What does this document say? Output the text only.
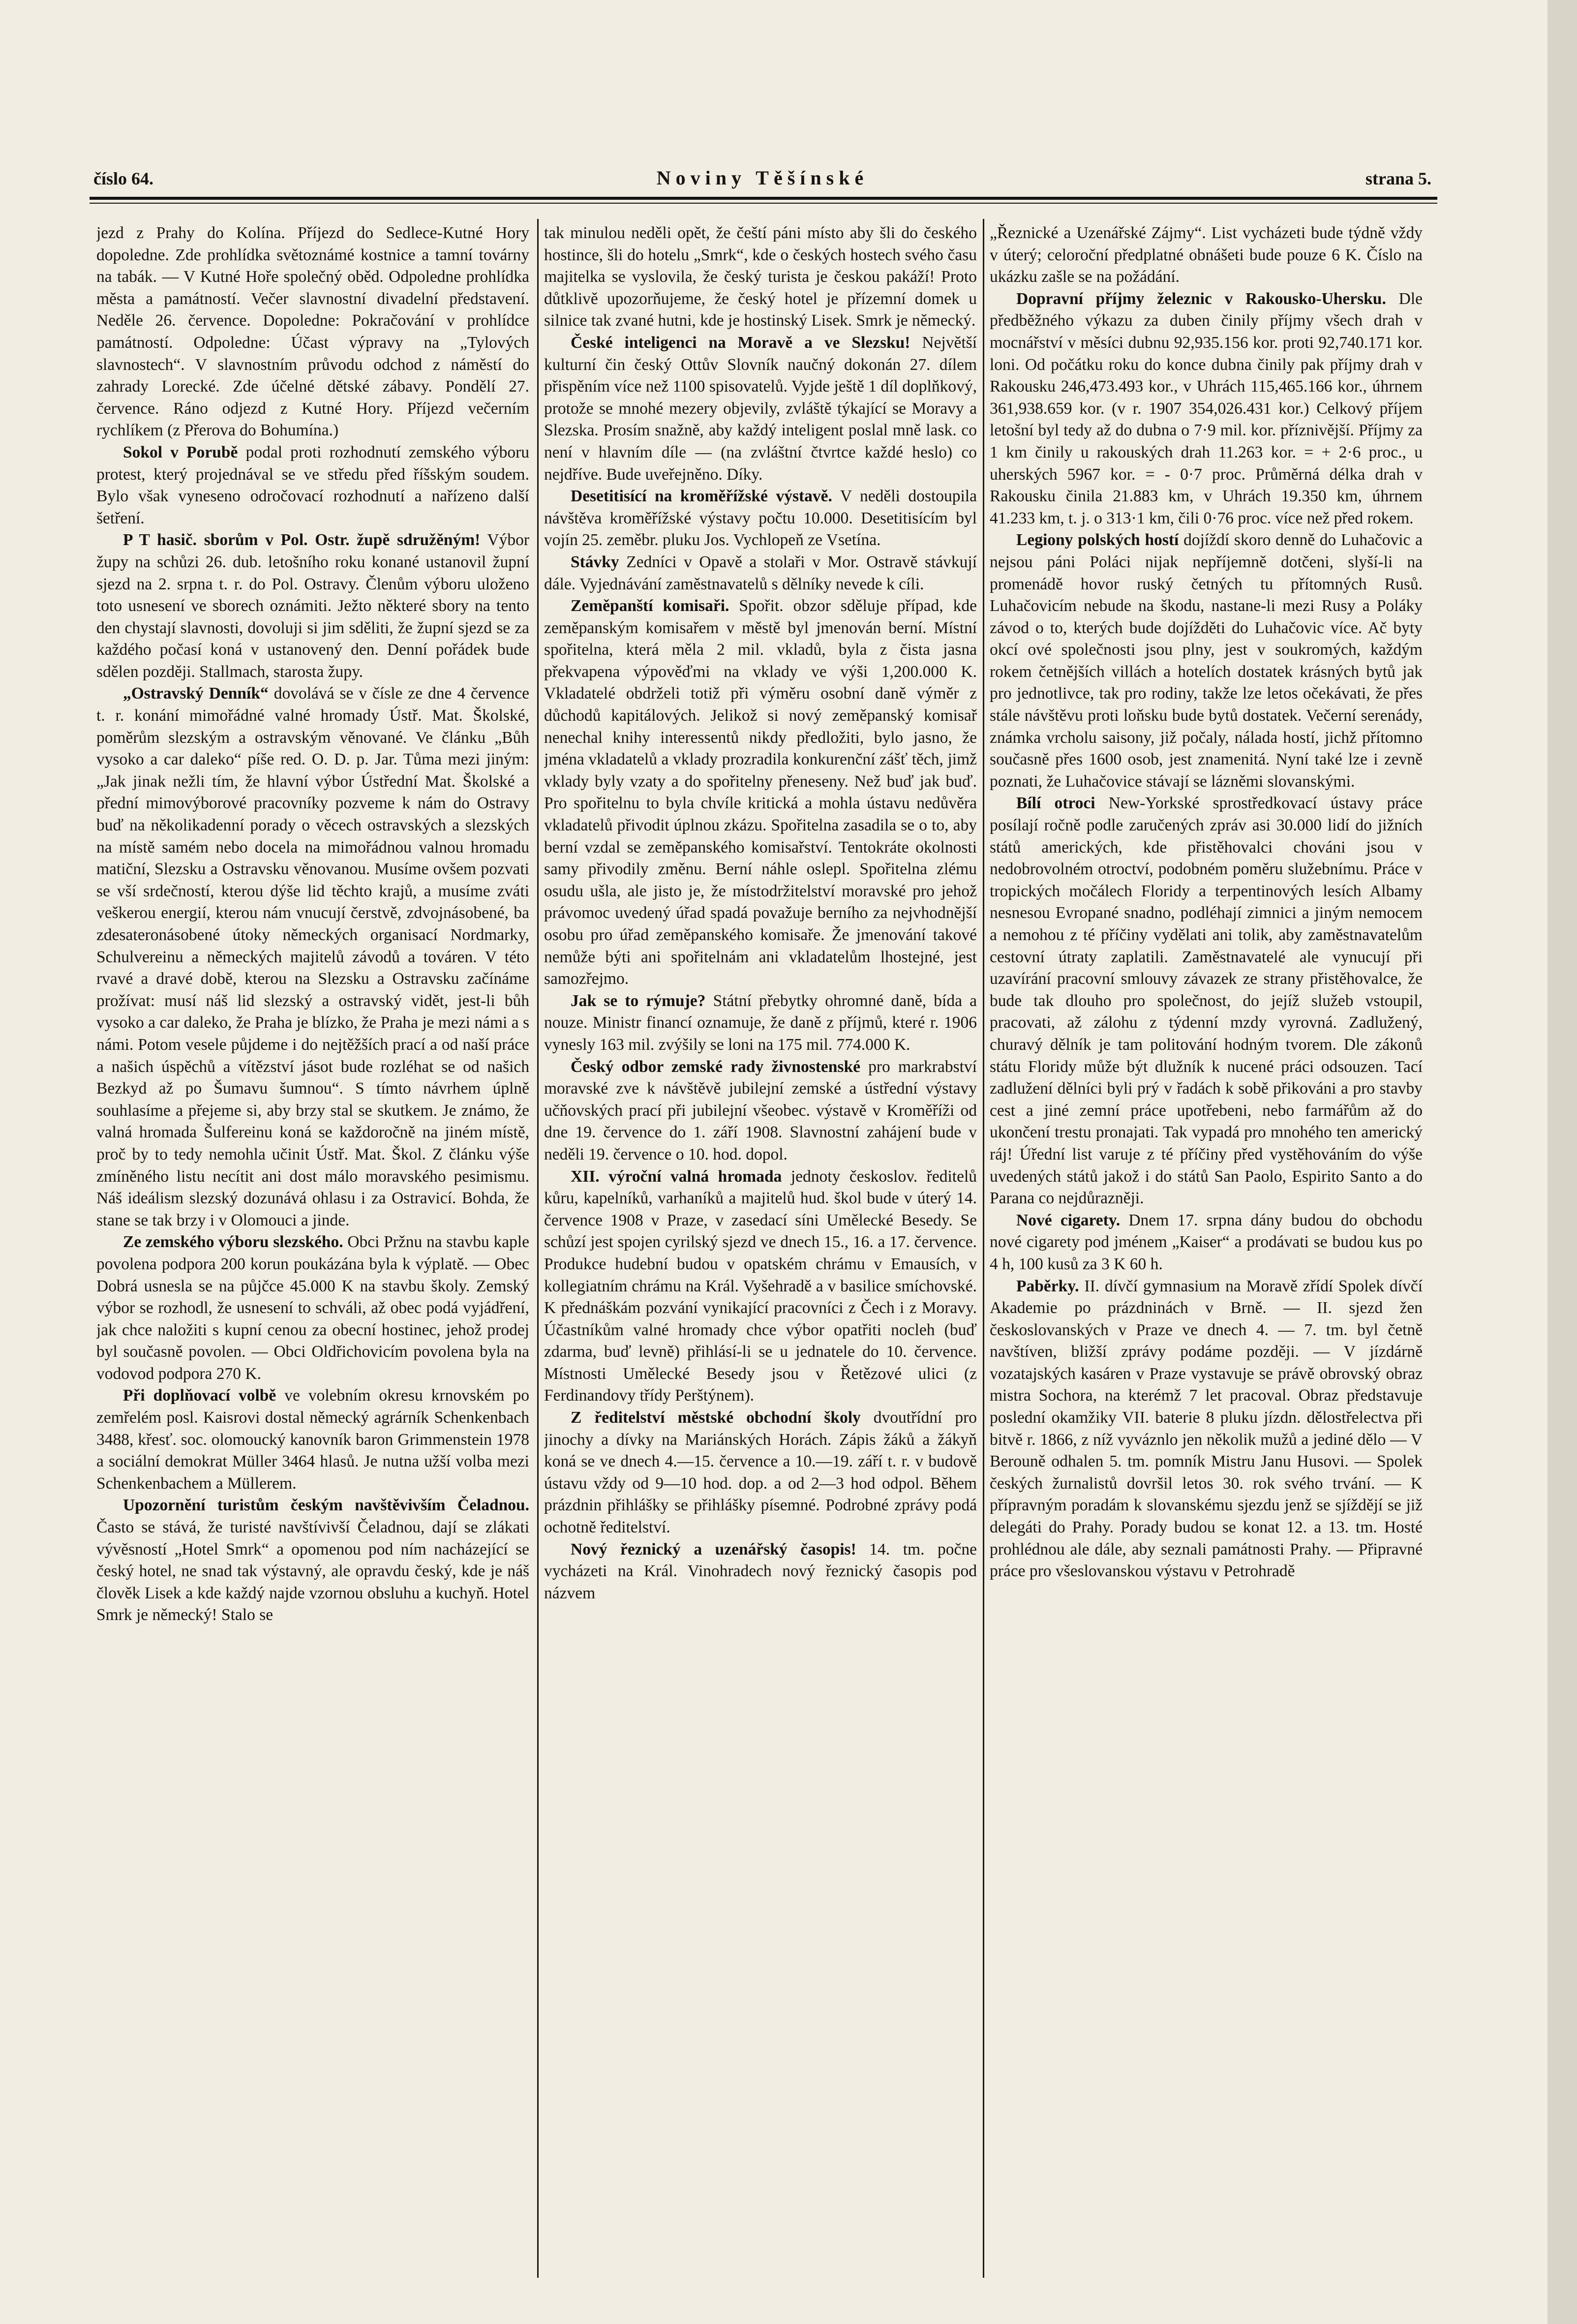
číslo 64.	Noviny Těšínské	strana 5.

jezd z Prahy do Kolína. Příjezd do Sedlece-Kutné Hory dopoledne. Zde prohlídka světoznámé kostnice a tamní továrny na tabák. — V Kutné Hoře společný oběd. Odpoledne prohlídka města a památností. Večer slavnostní divadelní představení. Neděle 26. července. Dopoledne: Pokračování v prohlídce památností. Odpoledne: Účast výpravy na „Tylových slavnostech“. V slavnostním průvodu odchod z náměstí do zahrady Lorecké. Zde účelné dětské zábavy. Pondělí 27. července. Ráno odjezd z Kutné Hory. Příjezd večerním rychlíkem (z Přerova do Bohumína.)

Sokol v Porubě podal proti rozhodnutí zemského výboru protest, který projednával se ve středu před říšským soudem. Bylo však vyneseno odročovací rozhodnutí a nařízeno další šetření.

P T hasič. sborům v Pol. Ostr. župě sdružěným! Výbor župy na schůzi 26. dub. letošního roku konané ustanovil župní sjezd na 2. srpna t. r. do Pol. Ostravy. Členům výboru uloženo toto usnesení ve sborech oznámiti. Ježto některé sbory na tento den chystají slavnosti, dovoluji si jim sděliti, že župní sjezd se za každého počasí koná v ustanovený den. Denní pořádek bude sdělen později. Stallmach, starosta župy.

„Ostravský Denník“ dovolává se v čísle ze dne 4 července t. r. konání mimořádné valné hromady Ústř. Mat. Školské, poměrům slezským a ostravským věnované. Ve článku „Bůh vysoko a car daleko“ píše red. O. D. p. Jar. Tůma mezi jiným: „Jak jinak nežli tím, že hlavní výbor Ústřední Mat. Školské a přední mimovýborové pracovníky pozveme k nám do Ostravy buď na několikadenní porady o věcech ostravských a slezských na místě samém nebo docela na mimořádnou valnou hromadu matiční, Slezsku a Ostravsku věnovanou. Musíme ovšem pozvati se vší srdečností, kterou dýše lid těchto krajů, a musíme zváti veškerou energií, kterou nám vnucují čerstvě, zdvojnásobené, ba zdesateronásobené útoky německých organisací Nordmarky, Schulvereinu a německých majitelů závodů a továren. V této rvavé a dravé době, kterou na Slezsku a Ostravsku začínáme prožívat: musí náš lid slezský a ostravský vidět, jest-li bůh vysoko a car daleko, že Praha je blízko, že Praha je mezi námi a s námi. Potom vesele půjdeme i do nejtěžších prací a od naší práce a našich úspěchů a vítězství jásot bude rozléhat se od našich Bezkyd až po Šumavu šumnou“. S tímto návrhem úplně souhlasíme a přejeme si, aby brzy stal se skutkem. Je známo, že valná hromada Šulfereinu koná se každoročně na jiném místě, proč by to tedy nemohla učinit Ústř. Mat. Škol. Z článku výše zmíněného listu necítit ani dost málo moravského pesimismu. Náš ideálism slezský dozunává ohlasu i za Ostravicí. Bohda, že stane se tak brzy i v Olomouci a jinde.

Ze zemského výboru slezského. Obci Pržnu na stavbu kaple povolena podpora 200 korun poukázána byla k výplatě. — Obec Dobrá usnesla se na půjčce 45.000 K na stavbu školy. Zemský výbor se rozhodl, že usnesení to schváli, až obec podá vyjádření, jak chce naložiti s kupní cenou za obecní hostinec, jehož prodej byl současně povolen. — Obci Oldřichovicím povolena byla na vodovod podpora 270 K.

Při doplňovací volbě ve volebním okresu krnovském po zemřelém posl. Kaisrovi dostal německý agrárník Schenkenbach 3488, křesť. soc. olomoucký kanovník baron Grimmenstein 1978 a sociální demokrat Müller 3464 hlasů. Je nutna užší volba mezi Schenkenbachem a Müllerem.

Upozornění turistům českým navštěvivším Čeladnou. Často se stává, že turisté navštívivší Čeladnou, dají se zlákati vývěsností „Hotel Smrk“ a opomenou pod ním nacházející se český hotel, ne snad tak výstavný, ale opravdu český, kde je náš člověk Lisek a kde každý najde vzornou obsluhu a kuchyň. Hotel Smrk je německý! Stalo se

tak minulou neděli opět, že čeští páni místo aby šli do českého hostince, šli do hotelu „Smrk“, kde o českých hostech svého času majitelka se vyslovila, že český turista je českou pakáží! Proto důtklivě upozorňujeme, že český hotel je přízemní domek u silnice tak zvané hutni, kde je hostinský Lisek. Smrk je německý.

České inteligenci na Moravě a ve Slezsku! Největší kulturní čin český Ottův Slovník naučný dokonán 27. dílem přispěním více než 1100 spisovatelů. Vyjde ještě 1 díl doplňkový, protože se mnohé mezery objevily, zvláště týkající se Moravy a Slezska. Prosím snažně, aby každý inteligent poslal mně lask. co není v hlavním díle — (na zvláštní čtvrtce každé heslo) co nejdříve. Bude uveřejněno. Díky.

Desetitisící na kroměřížské výstavě. V neděli dostoupila návštěva kroměřížské výstavy počtu 10.000. Desetitisícím byl vojín 25. zeměbr. pluku Jos. Vychlopeň ze Vsetína.

Stávky Zedníci v Opavě a stolaři v Mor. Ostravě stávkují dále. Vyjednávání zaměstnavatelů s dělníky nevede k cíli.

Zeměpanští komisaři. Spořit. obzor sděluje případ, kde zeměpanským komisařem v městě byl jmenován berní. Místní spořitelna, která měla 2 mil. vkladů, byla z čista jasna překvapena výpověďmi na vklady ve výši 1,200.000 K. Vkladatelé obdrželi totiž při výměru osobní daně výměr z důchodů kapitálových. Jelikož si nový zeměpanský komisař nenechal knihy interessentů nikdy předložiti, bylo jasno, že jména vkladatelů a vklady prozradila konkurenční zášť těch, jimž vklady byly vzaty a do spořitelny přeneseny. Než buď jak buď. Pro spořitelnu to byla chvíle kritická a mohla ústavu nedůvěra vkladatelů přivodit úplnou zkázu. Spořitelna zasadila se o to, aby berní vzdal se zeměpanského komisařství. Tentokráte okolnosti samy přivodily změnu. Berní náhle oslepl. Spořitelna zlému osudu ušla, ale jisto je, že místodržitelství moravské pro jehož právomoc uvedený úřad spadá považuje berního za nejvhodnější osobu pro úřad zeměpanského komisaře. Že jmenování takové nemůže býti ani spořitelnám ani vkladatelům lhostejné, jest samozřejmo.

Jak se to rýmuje? Státní přebytky ohromné daně, bída a nouze. Ministr financí oznamuje, že daně z příjmů, které r. 1906 vynesly 163 mil. zvýšily se loni na 175 mil. 774.000 K.

Český odbor zemské rady živnostenské pro markrabství moravské zve k návštěvě jubilejní zemské a ústřední výstavy učňovských prací při jubilejní všeobec. výstavě v Kroměříži od dne 19. července do 1. září 1908. Slavnostní zahájení bude v neděli 19. července o 10. hod. dopol.

XII. výroční valná hromada jednoty českoslov. ředitelů kůru, kapelníků, varhaníků a majitelů hud. škol bude v úterý 14. července 1908 v Praze, v zasedací síni Umělecké Besedy. Se schůzí jest spojen cyrilský sjezd ve dnech 15., 16. a 17. července. Produkce hudební budou v opatském chrámu v Emausích, v kollegiatním chrámu na Král. Vyšehradě a v basilice smíchovské. K přednáškám pozvání vynikající pracovníci z Čech i z Moravy. Účastníkům valné hromady chce výbor opatřiti nocleh (buď zdarma, buď levně) přihlásí-li se u jednatele do 10. července. Místnosti Umělecké Besedy jsou v Řetězové ulici (z Ferdinandovy třídy Perštýnem).

Z ředitelství městské obchodní školy dvoutřídní pro jinochy a dívky na Mariánských Horách. Zápis žáků a žákyň koná se ve dnech 4.—15. července a 10.—19. září t. r. v budově ústavu vždy od 9—10 hod. dop. a od 2—3 hod odpol. Během prázdnin přihlášky se přihlášky písemné. Podrobné zprávy podá ochotně ředitelství.

Nový řeznický a uzenářský časopis! 14. tm. počne vycházeti na Král. Vinohradech nový řeznický časopis pod názvem

„Řeznické a Uzenářské Zájmy“. List vycházeti bude týdně vždy v úterý; celoroční předplatné obnášeti bude pouze 6 K. Číslo na ukázku zašle se na požádání.

Dopravní příjmy železnic v Rakousko-Uhersku. Dle předběžného výkazu za duben činily příjmy všech drah v mocnářství v měsíci dubnu 92,935.156 kor. proti 92,740.171 kor. loni. Od počátku roku do konce dubna činily pak příjmy drah v Rakousku 246,473.493 kor., v Uhrách 115,465.166 kor., úhrnem 361,938.659 kor. (v r. 1907 354,026.431 kor.) Celkový příjem letošní byl tedy až do dubna o 7·9 mil. kor. příznivější. Příjmy za 1 km činily u rakouských drah 11.263 kor. = + 2·6 proc., u uherských 5967 kor. = - 0·7 proc. Průměrná délka drah v Rakousku činila 21.883 km, v Uhrách 19.350 km, úhrnem 41.233 km, t. j. o 313·1 km, čili 0·76 proc. více než před rokem.

Legiony polských hostí dojíždí skoro denně do Luhačovic a nejsou páni Poláci nijak nepříjemně dotčeni, slyší-li na promenádě hovor ruský četných tu přítomných Rusů. Luhačovicím nebude na škodu, nastane-li mezi Rusy a Poláky závod o to, kterých bude dojížděti do Luhačovic více. Ač byty okcí ové společnosti jsou plny, jest v soukromých, každým rokem četnějších villách a hotelích dostatek krásných bytů jak pro jednotlivce, tak pro rodiny, takže lze letos očekávati, že přes stále návštěvu proti loňsku bude bytů dostatek. Večerní serenády, známka vrcholu saisony, již počaly, nálada hostí, jichž přítomno současně přes 1600 osob, jest znamenitá. Nyní také lze i zevně poznati, že Luhačovice stávají se lázněmi slovanskými.

Bílí otroci New-Yorkské sprostředkovací ústavy práce posílají ročně podle zaručených zpráv asi 30.000 lidí do jižních států amerických, kde přistěhovalci chováni jsou v nedobrovolném otroctví, podobném poměru služebnímu. Práce v tropických močálech Floridy a terpentinových lesích Albamy nesnesou Evropané snadno, podléhají zimnici a jiným nemocem a nemohou z té příčiny vydělati ani tolik, aby zaměstnavatelům cestovní útraty zaplatili. Zaměstnavatelé ale vynucují při uzavírání pracovní smlouvy závazek ze strany přistěhovalce, že bude tak dlouho pro společnost, do jejíž služeb vstoupil, pracovati, až zálohu z týdenní mzdy vyrovná. Zadlužený, churavý dělník je tam politování hodným tvorem. Dle zákonů státu Floridy může být dlužník k nucené práci odsouzen. Tací zadlužení dělníci byli prý v řadách k sobě přikováni a pro stavby cest a jiné zemní práce upotřebeni, nebo farmářům až do ukončení trestu pronajati. Tak vypadá pro mnohého ten americký ráj! Úřední list varuje z té příčiny před vystěhováním do výše uvedených států jakož i do států San Paolo, Espirito Santo a do Parana co nejdůrazněji.

Nové cigarety. Dnem 17. srpna dány budou do obchodu nové cigarety pod jménem „Kaiser“ a prodávati se budou kus po 4 h, 100 kusů za 3 K 60 h.

Paběrky. II. dívčí gymnasium na Moravě zřídí Spolek dívčí Akademie po prázdninách v Brně. — II. sjezd žen českoslovanských v Praze ve dnech 4. — 7. tm. byl četně navštíven, bližší zprávy podáme později. — V jízdárně vozatajských kasáren v Praze vystavuje se právě obrovský obraz mistra Sochora, na kterémž 7 let pracoval. Obraz představuje poslední okamžiky VII. baterie 8 pluku jízdn. dělostřelectva při bitvě r. 1866, z níž vyváznlo jen několik mužů a jediné dělo — V Berouně odhalen 5. tm. pomník Mistru Janu Husovi. — Spolek českých žurnalistů dovršil letos 30. rok svého trvání. — K přípravným poradám k slovanskému sjezdu jenž se sjíždějí se již delegáti do Prahy. Porady budou se konat 12. a 13. tm. Hosté prohlédnou ale dále, aby seznali památnosti Prahy. — Připravné práce pro všeslovanskou výstavu v Petrohradě
